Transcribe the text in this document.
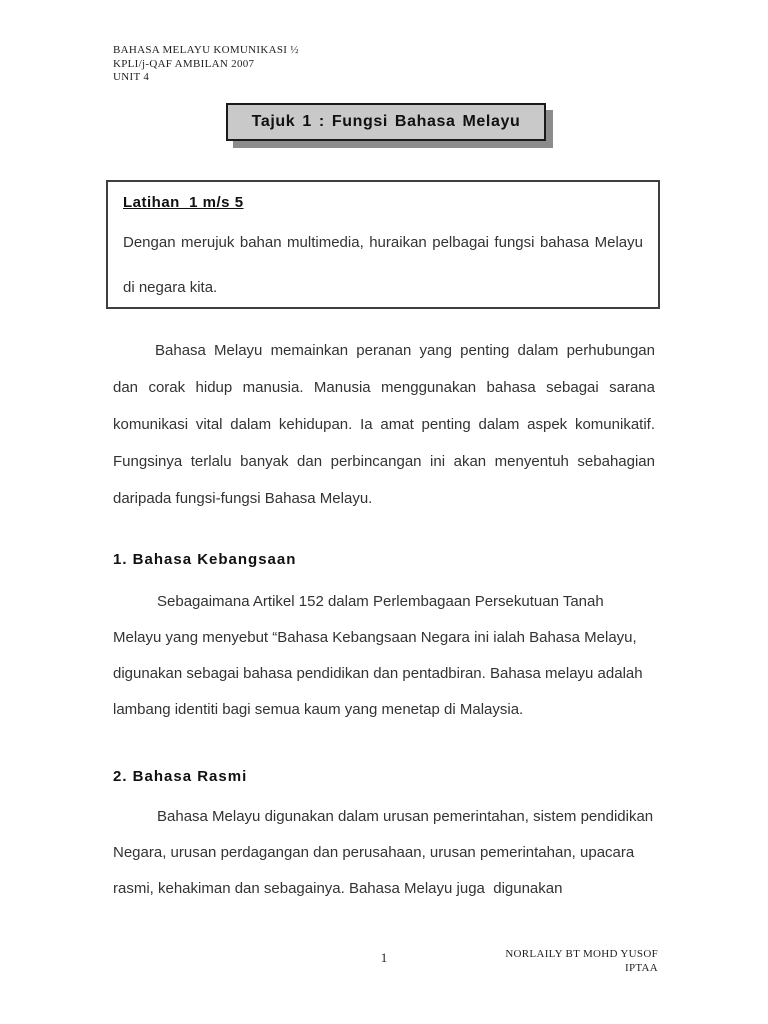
BAHASA MELAYU KOMUNIKASI ½
KPLI/j-QAF AMBILAN 2007
UNIT 4
Tajuk 1 : Fungsi Bahasa Melayu
Latihan  1 m/s 5

Dengan merujuk bahan multimedia, huraikan pelbagai fungsi bahasa Melayu di negara kita.

Bahasa Melayu memainkan peranan yang penting dalam perhubungan dan corak hidup manusia. Manusia menggunakan bahasa sebagai sarana komunikasi vital dalam kehidupan. Ia amat penting dalam aspek komunikatif. Fungsinya terlalu banyak dan perbincangan ini akan menyentuh sebahagian daripada fungsi-fungsi Bahasa Melayu.

1. Bahasa Kebangsaan

Sebagaimana Artikel 152 dalam Perlembagaan Persekutuan Tanah Melayu yang menyebut “Bahasa Kebangsaan Negara ini ialah Bahasa Melayu, digunakan sebagai bahasa pendidikan dan pentadbiran. Bahasa melayu adalah lambang identiti bagi semua kaum yang menetap di Malaysia.

2. Bahasa Rasmi

Bahasa Melayu digunakan dalam urusan pemerintahan, sistem pendidikan Negara, urusan perdagangan dan perusahaan, urusan pemerintahan, upacara rasmi, kehakiman dan sebagainya. Bahasa Melayu juga  digunakan

1	NORLAILY BT MOHD YUSOF
IPTAA
